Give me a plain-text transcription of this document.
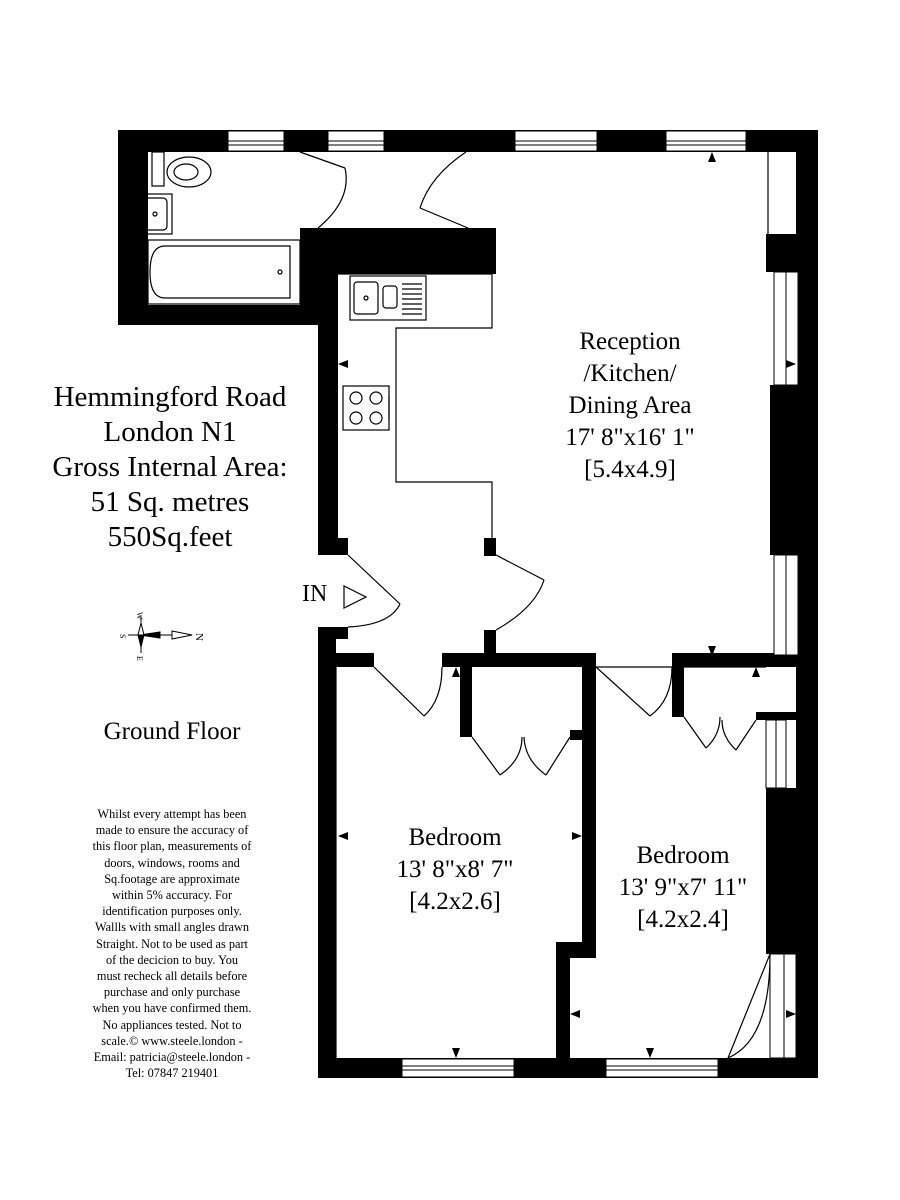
N
S
E
W
Hemmingford Road
London N1
Gross Internal Area:
51 Sq. metres
550Sq.feet
IN
Ground Floor
Reception
/Kitchen/
Dining Area
17' 8"x16' 1"
[5.4x4.9]
Bedroom
13' 8"x8' 7"
[4.2x2.6]
Bedroom
13' 9"x7' 11"
[4.2x2.4]
Whilst every attempt has been
made to ensure the accuracy of
this floor plan, measurements of
doors, windows, rooms and
Sq.footage are approximate
within 5% accuracy. For
identification purposes only.
Wallls with small angles drawn
Straight. Not to be used as part
of the decicion to buy. You
must recheck all details before
purchase and only purchase
when you have confirmed them.
No appliances tested. Not to
scale.© www.steele.london -
Email: patricia@steele.london -
Tel: 07847 219401
